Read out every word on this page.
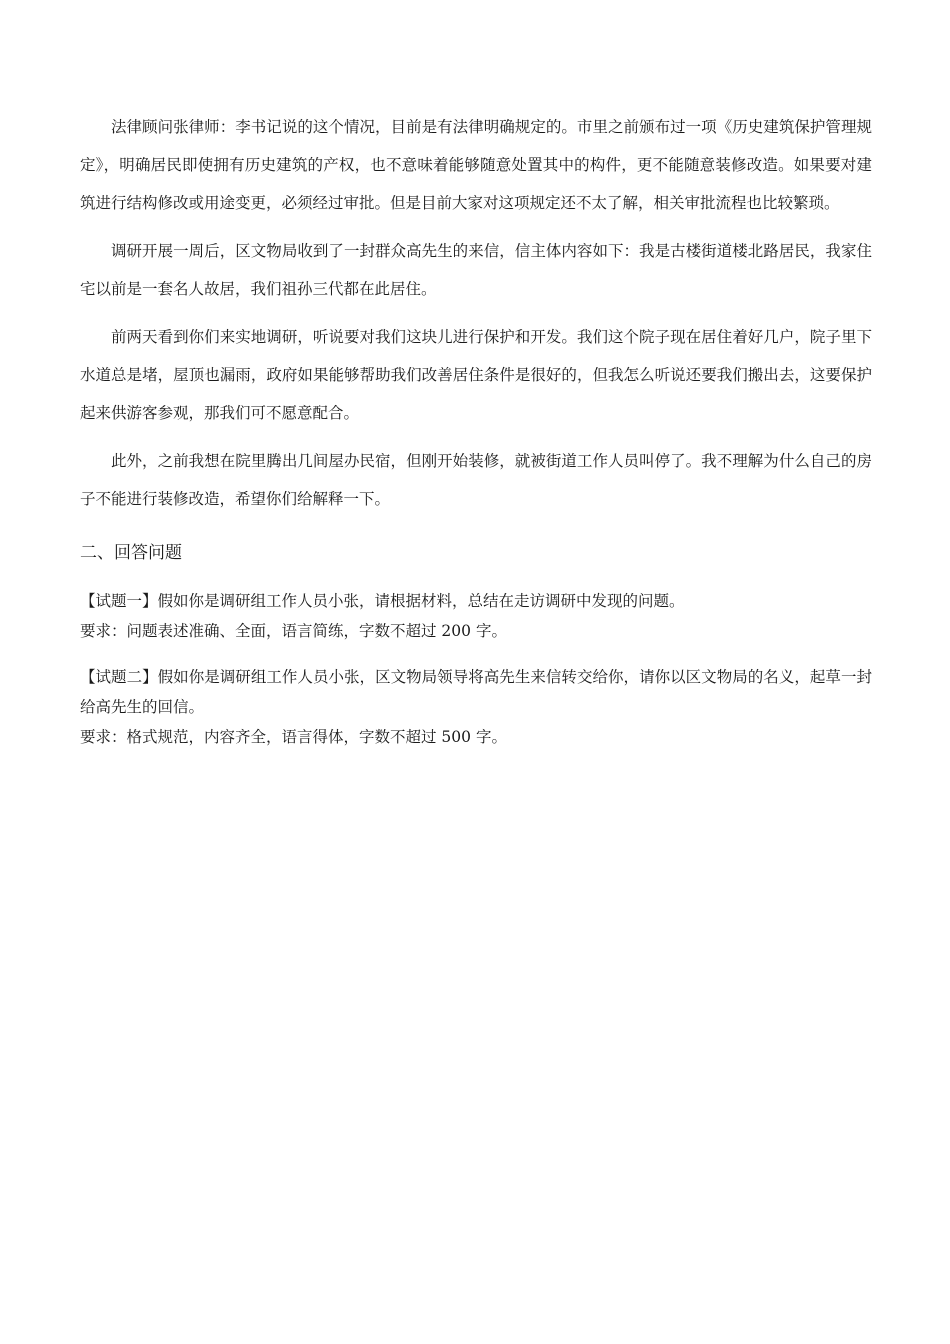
法律顾问张律师：李书记说的这个情况，目前是有法律明确规定的。市里之前颁布过一项《历史建筑保护管理规定》，明确居民即使拥有历史建筑的产权，也不意味着能够随意处置其中的构件，更不能随意装修改造。如果要对建筑进行结构修改或用途变更，必须经过审批。但是目前大家对这项规定还不太了解，相关审批流程也比较繁琐。

调研开展一周后，区文物局收到了一封群众高先生的来信，信主体内容如下：我是古楼街道楼北路居民，我家住宅以前是一套名人故居，我们祖孙三代都在此居住。

前两天看到你们来实地调研，听说要对我们这块儿进行保护和开发。我们这个院子现在居住着好几户，院子里下水道总是堵，屋顶也漏雨，政府如果能够帮助我们改善居住条件是很好的，但我怎么听说还要我们搬出去，这要保护起来供游客参观，那我们可不愿意配合。

此外，之前我想在院里腾出几间屋办民宿，但刚开始装修，就被街道工作人员叫停了。我不理解为什么自己的房子不能进行装修改造，希望你们给解释一下。

二、回答问题

【试题一】假如你是调研组工作人员小张，请根据材料，总结在走访调研中发现的问题。

要求：问题表述准确、全面，语言简练，字数不超过 200 字。

【试题二】假如你是调研组工作人员小张，区文物局领导将高先生来信转交给你，请你以区文物局的名义，起草一封给高先生的回信。

要求：格式规范，内容齐全，语言得体，字数不超过 500 字。
